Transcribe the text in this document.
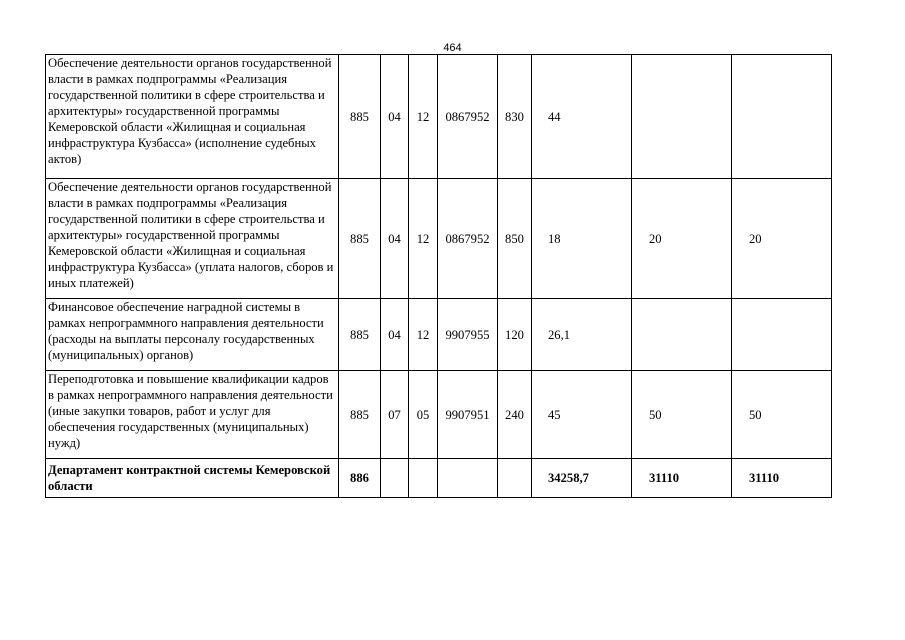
464
Обеспечение деятельности органов государственной власти в рамках подпрограммы «Реализация государственной политики в сфере строительства и архитектуры» государственной программы Кемеровской области «Жилищная и социальная инфраструктура Кузбасса» (исполнение судебных актов)	885	04	12	0867952	830	44		
Обеспечение деятельности органов государственной власти в рамках подпрограммы «Реализация государственной политики в сфере строительства и архитектуры» государственной программы Кемеровской области «Жилищная и социальная инфраструктура Кузбасса» (уплата налогов, сборов и иных платежей)	885	04	12	0867952	850	18	20	20
Финансовое обеспечение наградной системы в рамках непрограммного направления деятельности (расходы на выплаты персоналу государственных (муниципальных) органов)	885	04	12	9907955	120	26,1		
Переподготовка и повышение квалификации кадров в рамках непрограммного направления деятельности (иные закупки товаров, работ и услуг для обеспечения государственных (муниципальных) нужд)	885	07	05	9907951	240	45	50	50
Департамент контрактной системы Кемеровской области	886					34258,7	31110	31110
